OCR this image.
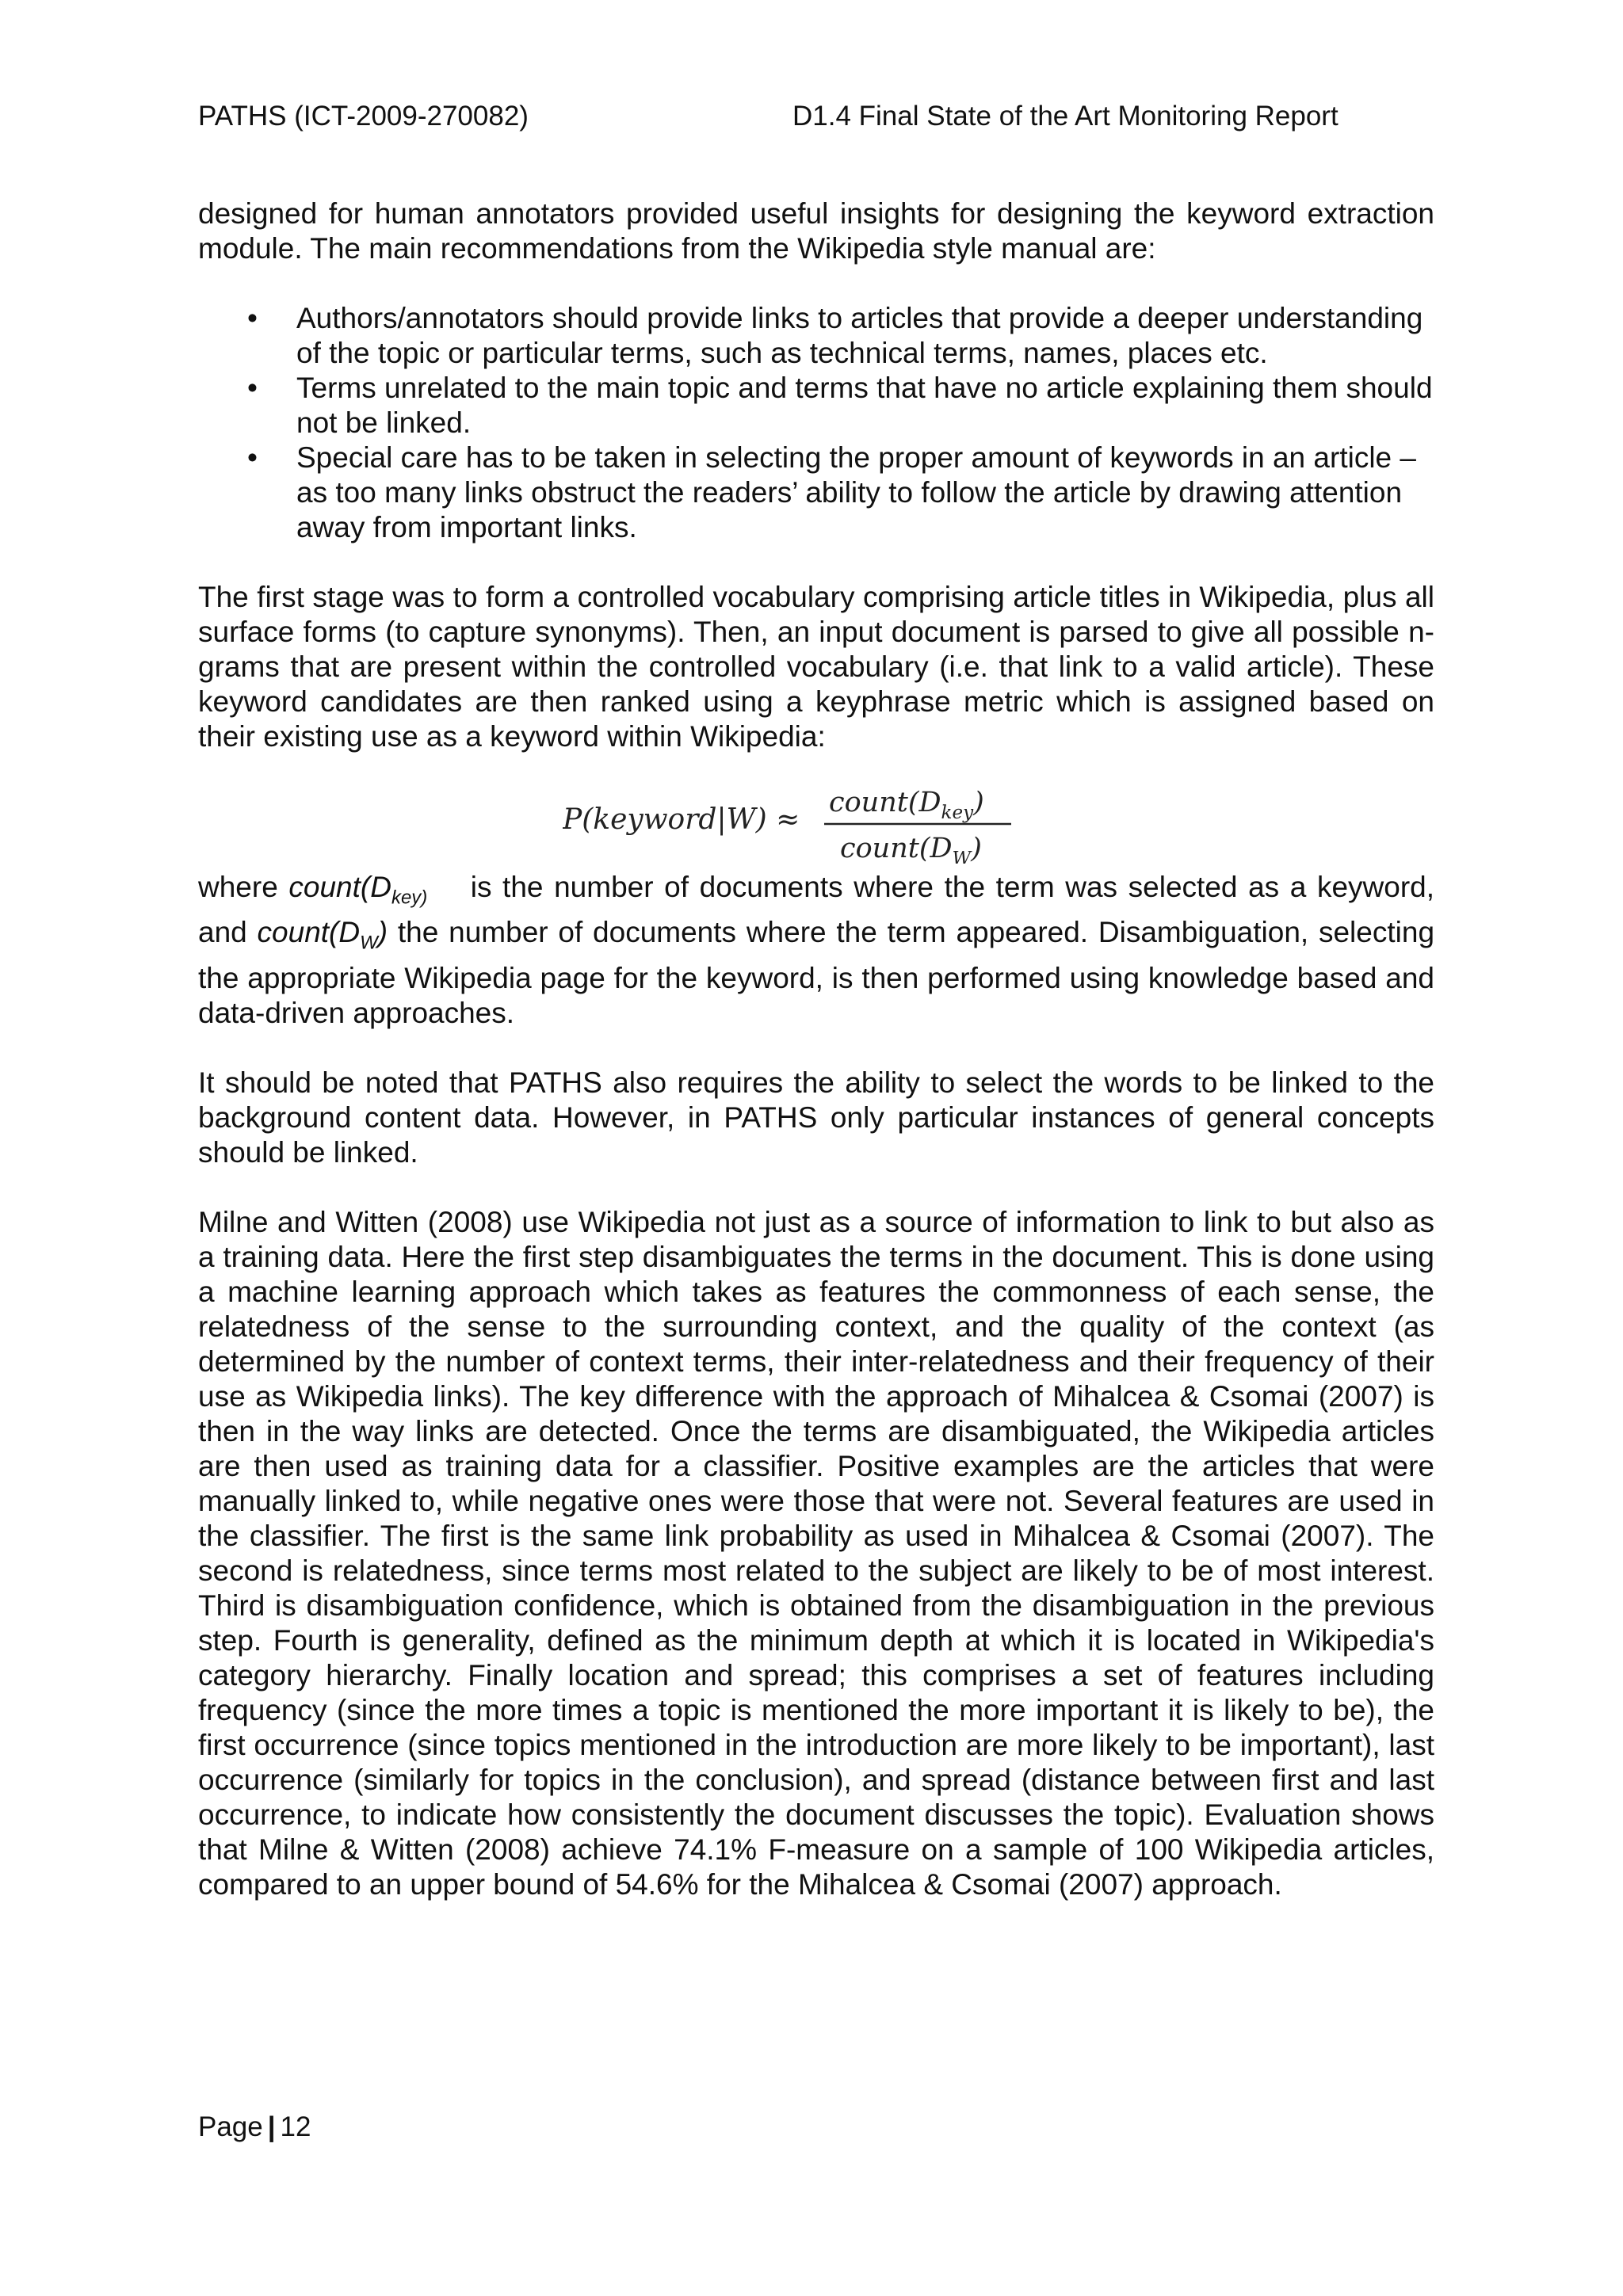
PATHS (ICT-2009-270082)	D1.4 Final State of the Art Monitoring Report

designed for human annotators provided useful insights for designing the keyword extraction module. The main recommendations from the Wikipedia style manual are:

• Authors/annotators should provide links to articles that provide a deeper understanding of the topic or particular terms, such as technical terms, names, places etc.
• Terms unrelated to the main topic and terms that have no article explaining them should not be linked.
• Special care has to be taken in selecting the proper amount of keywords in an article – as too many links obstruct the readers’ ability to follow the article by drawing attention away from important links.

The first stage was to form a controlled vocabulary comprising article titles in Wikipedia, plus all surface forms (to capture synonyms). Then, an input document is parsed to give all possible n-grams that are present within the controlled vocabulary (i.e. that link to a valid article). These keyword candidates are then ranked using a keyphrase metric which is assigned based on their existing use as a keyword within Wikipedia:

P(keyword|W) ≈
$count(D_{key})$
$count(D_W)$

where $count(D_{key)}$ is the number of documents where the term was selected as a keyword, and $count(D_W)$ the number of documents where the term appeared. Disambiguation, selecting the appropriate Wikipedia page for the keyword, is then performed using knowledge based and data-driven approaches.

It should be noted that PATHS also requires the ability to select the words to be linked to the background content data. However, in PATHS only particular instances of general concepts should be linked.

Milne and Witten (2008) use Wikipedia not just as a source of information to link to but also as a training data. Here the first step disambiguates the terms in the document. This is done using a machine learning approach which takes as features the commonness of each sense, the relatedness of the sense to the surrounding context, and the quality of the context (as determined by the number of context terms, their inter-relatedness and their frequency of their use as Wikipedia links). The key difference with the approach of Mihalcea & Csomai (2007) is then in the way links are detected. Once the terms are disambiguated, the Wikipedia articles are then used as training data for a classifier. Positive examples are the articles that were manually linked to, while negative ones were those that were not. Several features are used in the classifier. The first is the same link probability as used in Mihalcea & Csomai (2007). The second is relatedness, since terms most related to the subject are likely to be of most interest. Third is disambiguation confidence, which is obtained from the disambiguation in the previous step. Fourth is generality, defined as the minimum depth at which it is located in Wikipedia's category hierarchy. Finally location and spread; this comprises a set of features including frequency (since the more times a topic is mentioned the more important it is likely to be), the first occurrence (since topics mentioned in the introduction are more likely to be important), last occurrence (similarly for topics in the conclusion), and spread (distance between first and last occurrence, to indicate how consistently the document discusses the topic). Evaluation shows that Milne & Witten (2008) achieve 74.1% F-measure on a sample of 100 Wikipedia articles, compared to an upper bound of 54.6% for the Mihalcea & Csomai (2007) approach.

Page | 12
